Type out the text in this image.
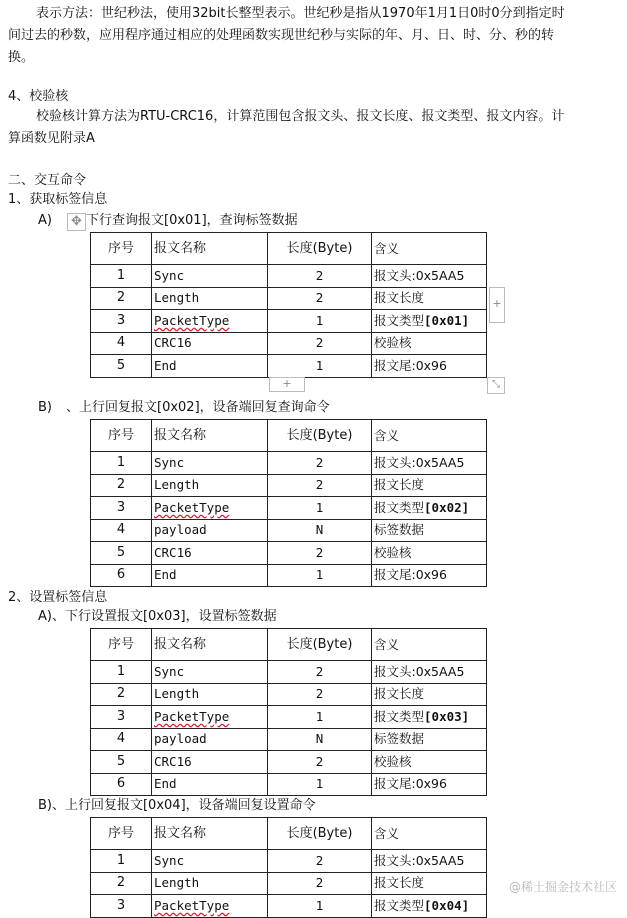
表示方法：世纪秒法，使用32bit长整型表示。世纪秒是指从1970年1月1日0时0分到指定时间过去的秒数，应用程序通过相应的处理函数实现世纪秒与实际的年、月、日、时、分、秒的转换。
4、校验核
校验核计算方法为RTU-CRC16，计算范围包含报文头、报文长度、报文类型、报文内容。计算函数见附录A
二、交互命令
1、获取标签信息
A)	✥ 下行查询报文[0x01]，查询标签数据
序号	报文名称	长度(Byte)	含义
1	Sync	2	报文头:0x5AA5
2	Length	2	报文长度
3	PacketType	1	报文类型[0x01]
4	CRC16	2	校验核
5	End	1	报文尾:0x96
+
+	⤡
B) 、上行回复报文[0x02]，设备端回复查询命令
序号	报文名称	长度(Byte)	含义
1	Sync	2	报文头:0x5AA5
2	Length	2	报文长度
3	PacketType	1	报文类型[0x02]
4	payload	N	标签数据
5	CRC16	2	校验核
6	End	1	报文尾:0x96
2、设置标签信息
A)、下行设置报文[0x03]，设置标签数据
序号	报文名称	长度(Byte)	含义
1	Sync	2	报文头:0x5AA5
2	Length	2	报文长度
3	PacketType	1	报文类型[0x03]
4	payload	N	标签数据
5	CRC16	2	校验核
6	End	1	报文尾:0x96
B)、上行回复报文[0x04]，设备端回复设置命令
序号	报文名称	长度(Byte)	含义
1	Sync	2	报文头:0x5AA5
2	Length	2	报文长度
3	PacketType	1	报文类型[0x04]
@稀土掘金技术社区
